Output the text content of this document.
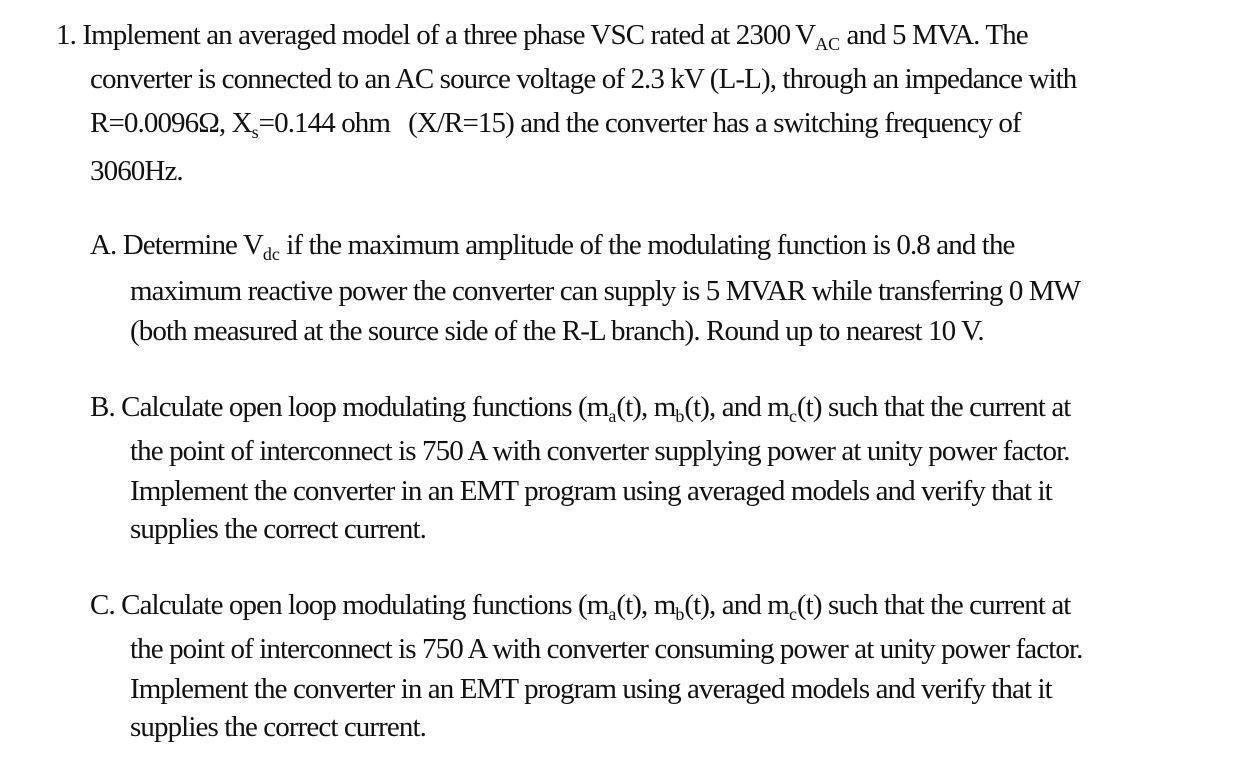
1. Implement an averaged model of a three phase VSC rated at 2300 $V_{AC}$ and 5 MVA. The
converter is connected to an AC source voltage of 2.3 kV (L-L), through an impedance with
R=0.0096Ω, $X_s=0.144$ ohm (X/R=15) and the converter has a switching frequency of
3060Hz.
A. Determine $V_{dc}$ if the maximum amplitude of the modulating function is 0.8 and the
maximum reactive power the converter can supply is 5 MVAR while transferring 0 MW
(both measured at the source side of the R-L branch). Round up to nearest 10 V.
B. Calculate open loop modulating functions ($m_a(t)$, $m_b(t)$, and $m_c(t)$ such that the current at
the point of interconnect is 750 A with converter supplying power at unity power factor.
Implement the converter in an EMT program using averaged models and verify that it
supplies the correct current.
C. Calculate open loop modulating functions ($m_a(t)$, $m_b(t)$, and $m_c(t)$ such that the current at
the point of interconnect is 750 A with converter consuming power at unity power factor.
Implement the converter in an EMT program using averaged models and verify that it
supplies the correct current.
